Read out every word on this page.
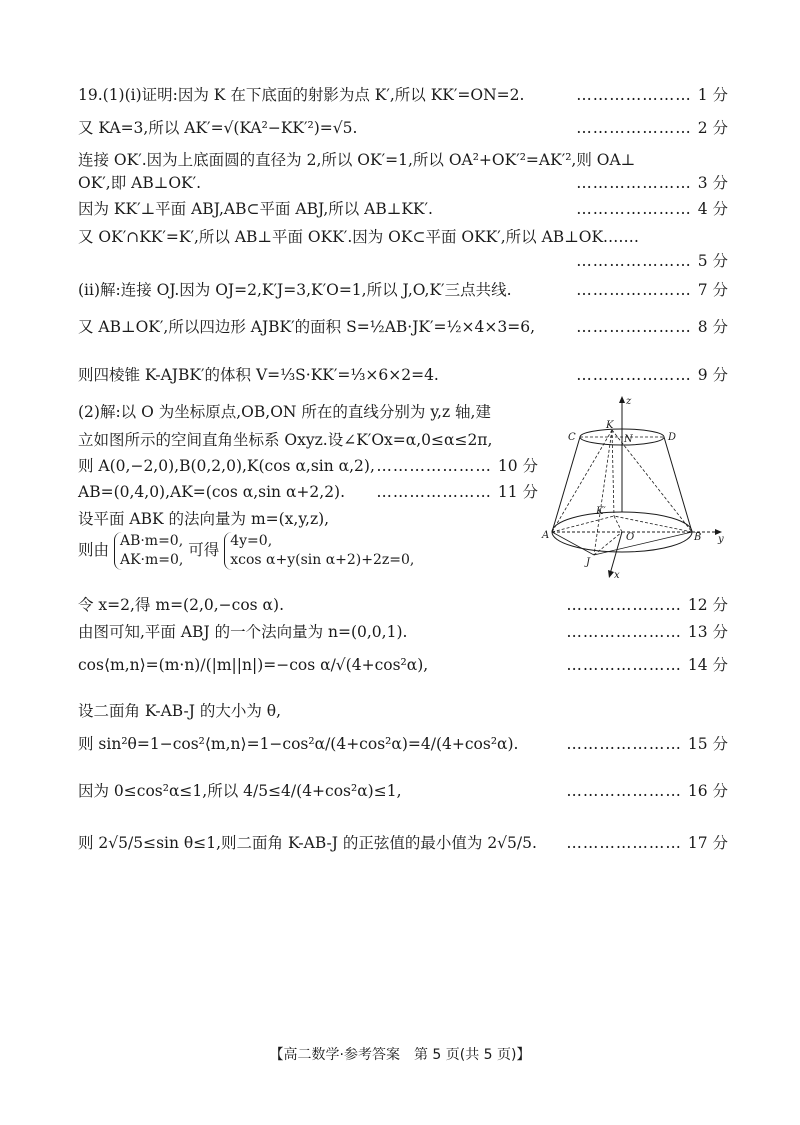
19.(1)(ⅰ)证明:因为 K 在下底面的射影为点 K′,所以 KK′=ON=2.	………………… 1 分
又 KA=3,所以 AK′=√(KA²−KK′²)=√5.	………………… 2 分
连接 OK′.因为上底面圆的直径为 2,所以 OK′=1,所以 OA²+OK′²=AK′²,则 OA⊥
OK′,即 AB⊥OK′.	………………… 3 分
因为 KK′⊥平面 ABJ,AB⊂平面 ABJ,所以 AB⊥KK′.	………………… 4 分
又 OK′∩KK′=K′,所以 AB⊥平面 OKK′.因为 OK⊂平面 OKK′,所以 AB⊥OK.……
………………… 5 分
(ⅱ)解:连接 OJ.因为 OJ=2,K′J=3,K′O=1,所以 J,O,K′三点共线.	………………… 7 分
又 AB⊥OK′,所以四边形 AJBK′的面积 S=½AB·JK′=½×4×3=6,	………………… 8 分
则四棱锥 K-AJBK′的体积 V=⅓S·KK′=⅓×6×2=4.	………………… 9 分
(2)解:以 O 为坐标原点,OB,ON 所在的直线分别为 y,z 轴,建
立如图所示的空间直角坐标系 Oxyz.设∠K′Ox=α,0≤α≤2π,
则 A(0,−2,0),B(0,2,0),K(cos α,sin α,2), ………………… 10 分
AB=(0,4,0),AK=(cos α,sin α+2,2).	………………… 11 分
设平面 ABK 的法向量为 m=(x,y,z),
令 x=2,得 m=(2,0,−cos α).	………………… 12 分
由图可知,平面 ABJ 的一个法向量为 n=(0,0,1).	………………… 13 分
cos⟨m,n⟩=(m·n)/(|m||n|)=−cos α/√(4+cos²α),	………………… 14 分
设二面角 K-AB-J 的大小为 θ,
则 sin²θ=1−cos²⟨m,n⟩=1−cos²α/(4+cos²α)=4/(4+cos²α).	………………… 15 分
因为 0≤cos²α≤1,所以 4/5≤4/(4+cos²α)≤1,	………………… 16 分
则 2√5/5≤sin θ≤1,则二面角 K-AB-J 的正弦值的最小值为 2√5/5.	………………… 17 分
则由 AB·m=0,
AK·m=0,
可得 4y=0,
xcos α+y(sin α+2)+2z=0,
z
C
K
N	D
K′
A	O	B y
J
x
【高二数学·参考答案　第 5 页(共 5 页)】
